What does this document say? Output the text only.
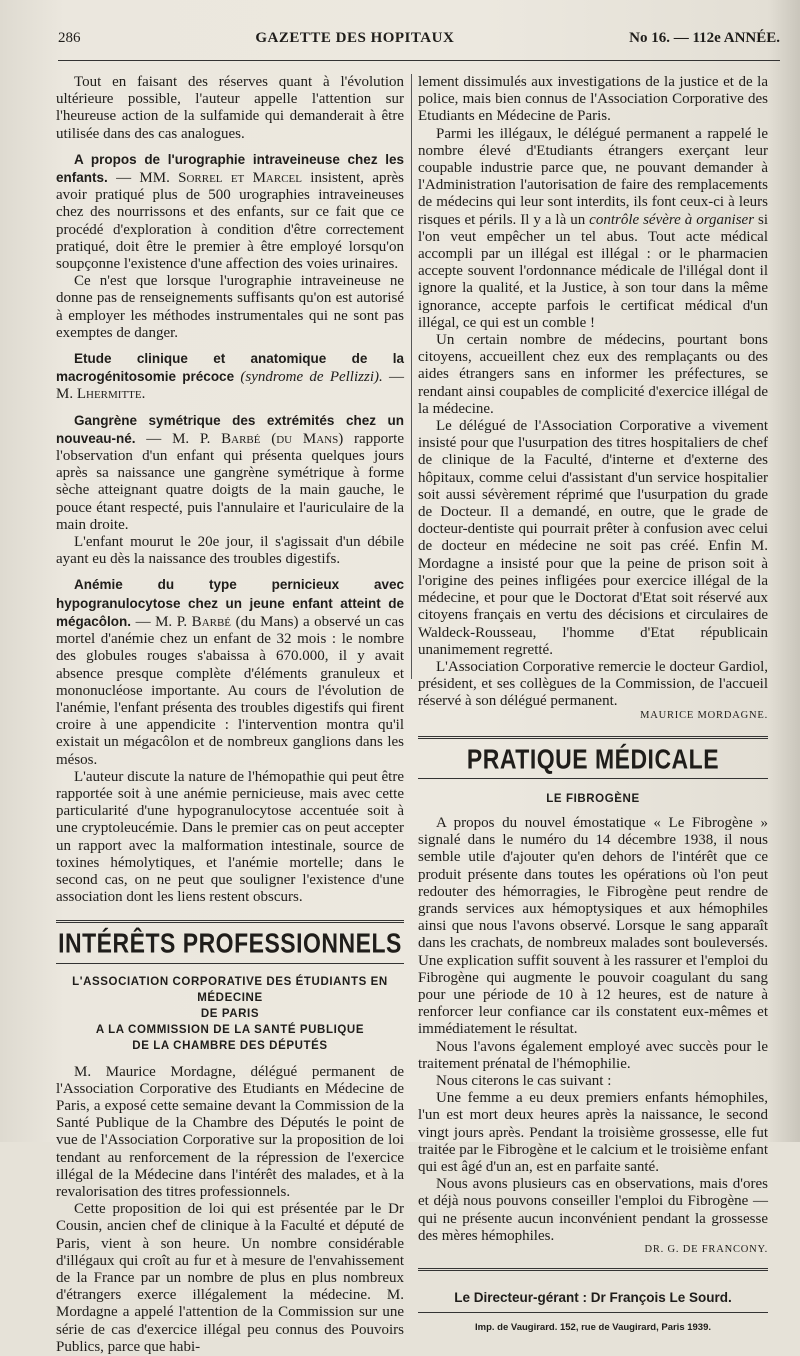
286	GAZETTE DES HOPITAUX	No 16. — 112e ANNÉE.

Tout en faisant des réserves quant à l'évolution ultérieure possible, l'auteur appelle l'attention sur l'heureuse action de la sulfamide qui demanderait à être utilisée dans des cas analogues.

A propos de l'urographie intraveineuse chez les enfants. — MM. Sorrel et Marcel insistent, après avoir pratiqué plus de 500 urographies intraveineuses chez des nourrissons et des enfants, sur ce fait que ce procédé d'exploration à condition d'être correctement pratiqué, doit être le premier à être employé lorsqu'on soupçonne l'existence d'une affection des voies urinaires.

Ce n'est que lorsque l'urographie intraveineuse ne donne pas de renseignements suffisants qu'on est autorisé à employer les méthodes instrumentales qui ne sont pas exemptes de danger.

Etude clinique et anatomique de la macrogénitosomie précoce (syndrome de Pellizzi). — M. Lhermitte.

Gangrène symétrique des extrémités chez un nouveau-né. — M. P. Barbé (du Mans) rapporte l'observation d'un enfant qui présenta quelques jours après sa naissance une gangrène symétrique à forme sèche atteignant quatre doigts de la main gauche, le pouce étant respecté, puis l'annulaire et l'auriculaire de la main droite.

L'enfant mourut le 20e jour, il s'agissait d'un débile ayant eu dès la naissance des troubles digestifs.

Anémie du type pernicieux avec hypogranulocytose chez un jeune enfant atteint de mégacôlon. — M. P. Barbé (du Mans) a observé un cas mortel d'anémie chez un enfant de 32 mois : le nombre des globules rouges s'abaissa à 670.000, il y avait absence presque complète d'éléments granuleux et mononucléose importante. Au cours de l'évolution de l'anémie, l'enfant présenta des troubles digestifs qui firent croire à une appendicite : l'intervention montra qu'il existait un mégacôlon et de nombreux ganglions dans les mésos.

L'auteur discute la nature de l'hémopathie qui peut être rapportée soit à une anémie pernicieuse, mais avec cette particularité d'une hypogranulocytose accentuée soit à une cryptoleucémie. Dans le premier cas on peut accepter un rapport avec la malformation intestinale, source de toxines hémolytiques, et l'anémie mortelle; dans le second cas, on ne peut que souligner l'existence d'une association dont les liens restent obscurs.

INTÉRÊTS PROFESSIONNELS
L'ASSOCIATION CORPORATIVE DES ÉTUDIANTS EN MÉDECINE
DE PARIS
A LA COMMISSION DE LA SANTÉ PUBLIQUE
DE LA CHAMBRE DES DÉPUTÉS

M. Maurice Mordagne, délégué permanent de l'Association Corporative des Etudiants en Médecine de Paris, a exposé cette semaine devant la Commission de la Santé Publique de la Chambre des Députés le point de vue de l'Association Corporative sur la proposition de loi tendant au renforcement de la répression de l'exercice illégal de la Médecine dans l'intérêt des malades, et à la revalorisation des titres professionnels.

Cette proposition de loi qui est présentée par le Dr Cousin, ancien chef de clinique à la Faculté et député de Paris, vient à son heure. Un nombre considérable d'illégaux qui croît au fur et à mesure de l'envahissement de la France par un nombre de plus en plus nombreux d'étrangers exerce illégalement la médecine. M. Mordagne a appelé l'attention de la Commission sur une série de cas d'exercice illégal peu connus des Pouvoirs Publics, parce que habi-

lement dissimulés aux investigations de la justice et de la police, mais bien connus de l'Association Corporative des Etudiants en Médecine de Paris.

Parmi les illégaux, le délégué permanent a rappelé le nombre élevé d'Etudiants étrangers exerçant leur coupable industrie parce que, ne pouvant demander à l'Administration l'autorisation de faire des remplacements de médecins qui leur sont interdits, ils font ceux-ci à leurs risques et périls. Il y a là un contrôle sévère à organiser si l'on veut empêcher un tel abus. Tout acte médical accompli par un illégal est illégal : or le pharmacien accepte souvent l'ordonnance médicale de l'illégal dont il ignore la qualité, et la Justice, à son tour dans la même ignorance, accepte parfois le certificat médical d'un illégal, ce qui est un comble !

Un certain nombre de médecins, pourtant bons citoyens, accueillent chez eux des remplaçants ou des aides étrangers sans en informer les préfectures, se rendant ainsi coupables de complicité d'exercice illégal de la médecine.

Le délégué de l'Association Corporative a vivement insisté pour que l'usurpation des titres hospitaliers de chef de clinique de la Faculté, d'interne et d'externe des hôpitaux, comme celui d'assistant d'un service hospitalier soit aussi sévèrement réprimé que l'usurpation du grade de Docteur. Il a demandé, en outre, que le grade de docteur-dentiste qui pourrait prêter à confusion avec celui de docteur en médecine ne soit pas créé. Enfin M. Mordagne a insisté pour que la peine de prison soit à l'origine des peines infligées pour exercice illégal de la médecine, et pour que le Doctorat d'Etat soit réservé aux citoyens français en vertu des décisions et circulaires de Waldeck-Rousseau, l'homme d'Etat républicain unanimement regretté.

L'Association Corporative remercie le docteur Gardiol, président, et ses collègues de la Commission, de l'accueil réservé à son délégué permanent.

MAURICE MORDAGNE.
PRATIQUE MÉDICALE
LE FIBROGÈNE

A propos du nouvel émostatique « Le Fibrogène » signalé dans le numéro du 14 décembre 1938, il nous semble utile d'ajouter qu'en dehors de l'intérêt que ce produit présente dans toutes les opérations où l'on peut redouter des hémorragies, le Fibrogène peut rendre de grands services aux hémoptysiques et aux hémophiles ainsi que nous l'avons observé. Lorsque le sang apparaît dans les crachats, de nombreux malades sont bouleversés. Une explication suffit souvent à les rassurer et l'emploi du Fibrogène qui augmente le pouvoir coagulant du sang pour une période de 10 à 12 heures, est de nature à renforcer leur confiance car ils constatent eux-mêmes et immédiatement le résultat.

Nous l'avons également employé avec succès pour le traitement prénatal de l'hémophilie.

Nous citerons le cas suivant :

Une femme a eu deux premiers enfants hémophiles, l'un est mort deux heures après la naissance, le second vingt jours après. Pendant la troisième grossesse, elle fut traitée par le Fibrogène et le calcium et le troisième enfant qui est âgé d'un an, est en parfaite santé.

Nous avons plusieurs cas en observations, mais d'ores et déjà nous pouvons conseiller l'emploi du Fibrogène — qui ne présente aucun inconvénient pendant la grossesse des mères hémophiles.

DR. G. DE FRANCONY.
Le Directeur-gérant : Dr François Le Sourd.
Imp. de Vaugirard. 152, rue de Vaugirard, Paris 1939.
